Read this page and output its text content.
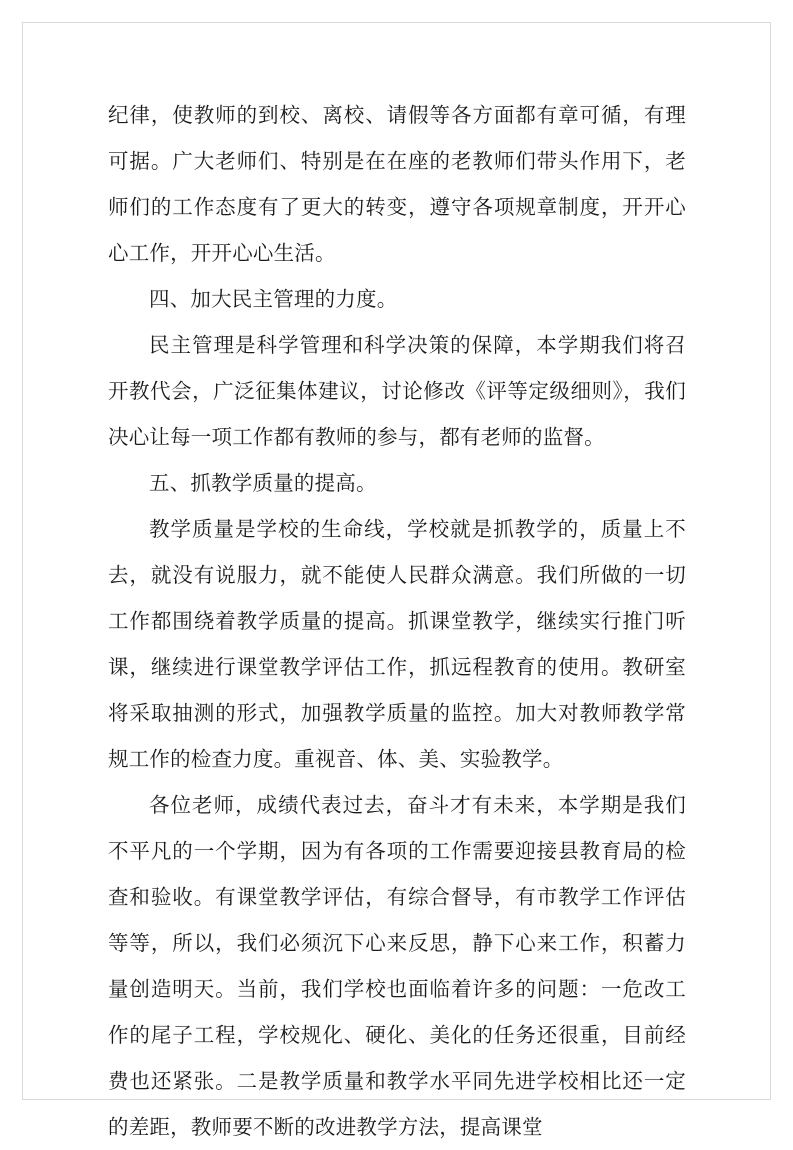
纪律，使教师的到校、离校、请假等各方面都有章可循，有理可据。广大老师们、特别是在在座的老教师们带头作用下，老师们的工作态度有了更大的转变，遵守各项规章制度，开开心心工作，开开心心生活。

四、加大民主管理的力度。

民主管理是科学管理和科学决策的保障，本学期我们将召开教代会，广泛征集体建议，讨论修改《评等定级细则》，我们决心让每一项工作都有教师的参与，都有老师的监督。

五、抓教学质量的提高。

教学质量是学校的生命线，学校就是抓教学的，质量上不去，就没有说服力，就不能使人民群众满意。我们所做的一切工作都围绕着教学质量的提高。抓课堂教学，继续实行推门听课，继续进行课堂教学评估工作，抓远程教育的使用。教研室将采取抽测的形式，加强教学质量的监控。加大对教师教学常规工作的检查力度。重视音、体、美、实验教学。

各位老师，成绩代表过去，奋斗才有未来，本学期是我们不平凡的一个学期，因为有各项的工作需要迎接县教育局的检查和验收。有课堂教学评估，有综合督导，有市教学工作评估等等，所以，我们必须沉下心来反思，静下心来工作，积蓄力量创造明天。当前，我们学校也面临着许多的问题：一危改工作的尾子工程，学校规化、硬化、美化的任务还很重，目前经费也还紧张。二是教学质量和教学水平同先进学校相比还一定的差距，教师要不断的改进教学方法，提高课堂
